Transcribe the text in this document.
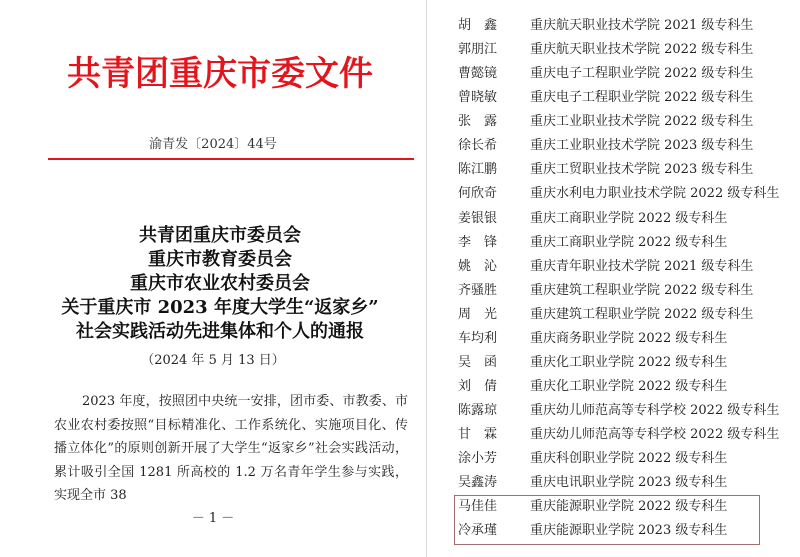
共青团重庆市委文件
渝青发〔2024〕44号
共青团重庆市委员会
重庆市教育委员会
重庆市农业农村委员会
关于重庆市 2023 年度大学生“返家乡”
社会实践活动先进集体和个人的通报
（2024 年 5 月 13 日）
2023 年度，按照团中央统一安排，团市委、市教委、市农业农村委按照“目标精准化、工作系统化、实施项目化、传播立体化”的原则创新开展了大学生“返家乡”社会实践活动，累计吸引全国 1281 所高校的 1.2 万名青年学生参与实践，实现全市 38
－ 1 －
胡　鑫	重庆航天职业技术学院 2021 级专科生
郭朋江	重庆航天职业技术学院 2022 级专科生
曹懿镜	重庆电子工程职业学院 2022 级专科生
曾晓敏	重庆电子工程职业学院 2022 级专科生
张　露	重庆工业职业技术学院 2022 级专科生
徐长希	重庆工业职业技术学院 2023 级专科生
陈江鹏	重庆工贸职业技术学院 2023 级专科生
何欣奇	重庆水利电力职业技术学院 2022 级专科生
姜银银	重庆工商职业学院 2022 级专科生
李　锋	重庆工商职业学院 2022 级专科生
姚　沁	重庆青年职业技术学院 2021 级专科生
齐骚胜	重庆建筑工程职业学院 2022 级专科生
周　光	重庆建筑工程职业学院 2022 级专科生
车均利	重庆商务职业学院 2022 级专科生
吴　函	重庆化工职业学院 2022 级专科生
刘　倩	重庆化工职业学院 2022 级专科生
陈露琼	重庆幼儿师范高等专科学校 2022 级专科生
甘　霖	重庆幼儿师范高等专科学校 2022 级专科生
涂小芳	重庆科创职业学院 2022 级专科生
吴鑫涛	重庆电讯职业学院 2023 级专科生
马佳佳	重庆能源职业学院 2022 级专科生
冷承瑾	重庆能源职业学院 2023 级专科生
